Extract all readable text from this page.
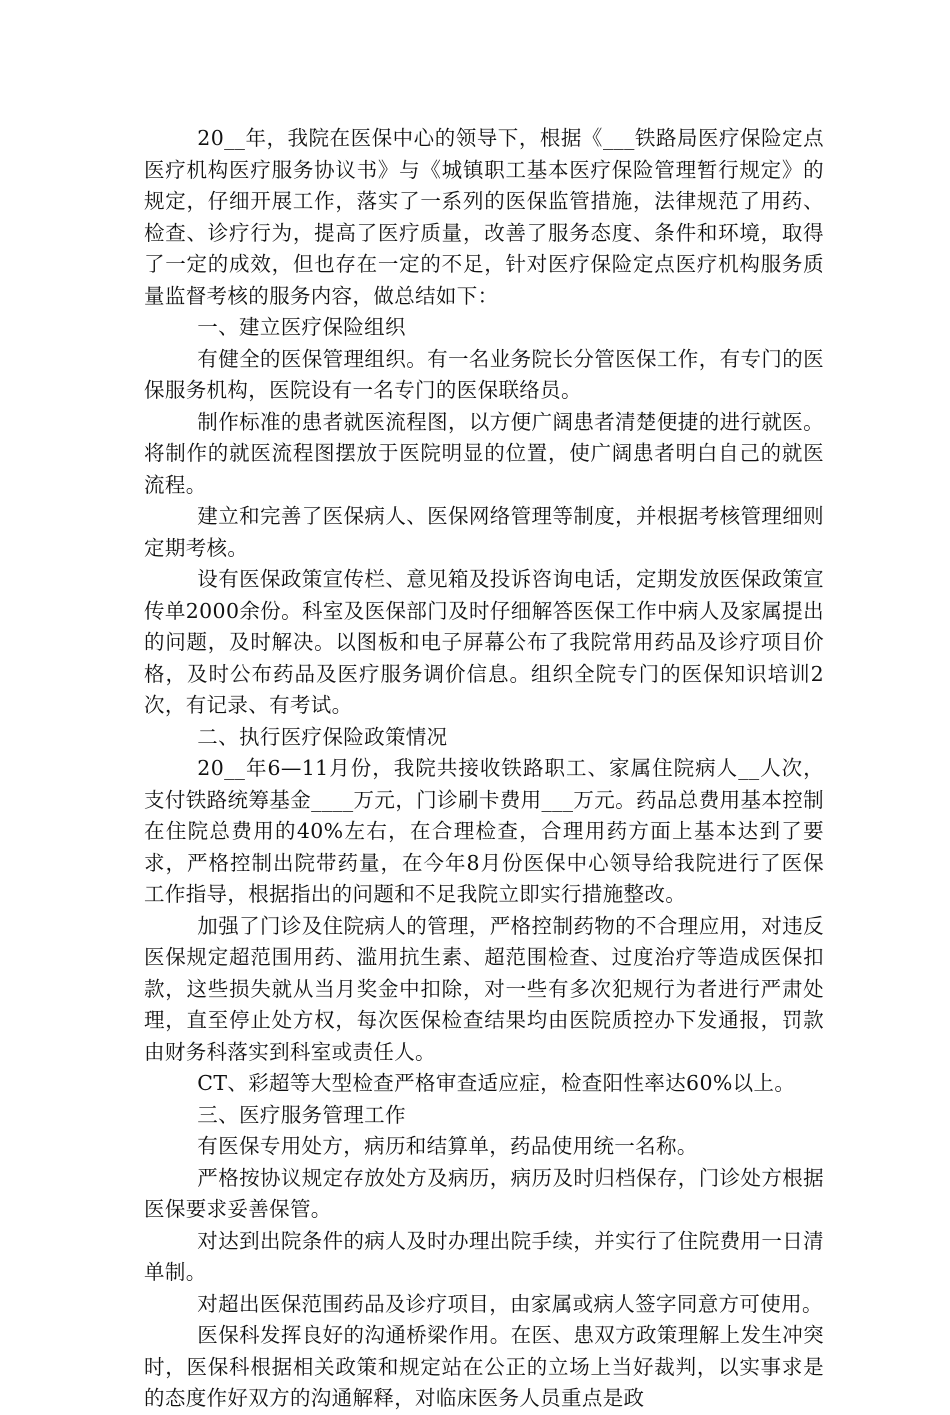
20__年，我院在医保中心的领导下，根据《___铁路局医疗保险定点医疗机构医疗服务协议书》与《城镇职工基本医疗保险管理暂行规定》的规定，仔细开展工作，落实了一系列的医保监管措施，法律规范了用药、检查、诊疗行为，提高了医疗质量，改善了服务态度、条件和环境，取得了一定的成效，但也存在一定的不足，针对医疗保险定点医疗机构服务质量监督考核的服务内容，做总结如下：

一、建立医疗保险组织

有健全的医保管理组织。有一名业务院长分管医保工作，有专门的医保服务机构，医院设有一名专门的医保联络员。

制作标准的患者就医流程图，以方便广阔患者清楚便捷的进行就医。将制作的就医流程图摆放于医院明显的位置，使广阔患者明白自己的就医流程。

建立和完善了医保病人、医保网络管理等制度，并根据考核管理细则定期考核。

设有医保政策宣传栏、意见箱及投诉咨询电话，定期发放医保政策宣传单2000余份。科室及医保部门及时仔细解答医保工作中病人及家属提出的问题，及时解决。以图板和电子屏幕公布了我院常用药品及诊疗项目价格，及时公布药品及医疗服务调价信息。组织全院专门的医保知识培训2次，有记录、有考试。

二、执行医疗保险政策情况

20__年6—11月份，我院共接收铁路职工、家属住院病人__人次，支付铁路统筹基金____万元，门诊刷卡费用___万元。药品总费用基本控制在住院总费用的40%左右，在合理检查，合理用药方面上基本达到了要求，严格控制出院带药量，在今年8月份医保中心领导给我院进行了医保工作指导，根据指出的问题和不足我院立即实行措施整改。

加强了门诊及住院病人的管理，严格控制药物的不合理应用，对违反医保规定超范围用药、滥用抗生素、超范围检查、过度治疗等造成医保扣款，这些损失就从当月奖金中扣除，对一些有多次犯规行为者进行严肃处理，直至停止处方权，每次医保检查结果均由医院质控办下发通报，罚款由财务科落实到科室或责任人。

CT、彩超等大型检查严格审查适应症，检查阳性率达60%以上。

三、医疗服务管理工作

有医保专用处方，病历和结算单，药品使用统一名称。

严格按协议规定存放处方及病历，病历及时归档保存，门诊处方根据医保要求妥善保管。

对达到出院条件的病人及时办理出院手续，并实行了住院费用一日清单制。

对超出医保范围药品及诊疗项目，由家属或病人签字同意方可使用。

医保科发挥良好的沟通桥梁作用。在医、患双方政策理解上发生冲突时，医保科根据相关政策和规定站在公正的立场上当好裁判，以实事求是的态度作好双方的沟通解释，对临床医务人员重点是政
